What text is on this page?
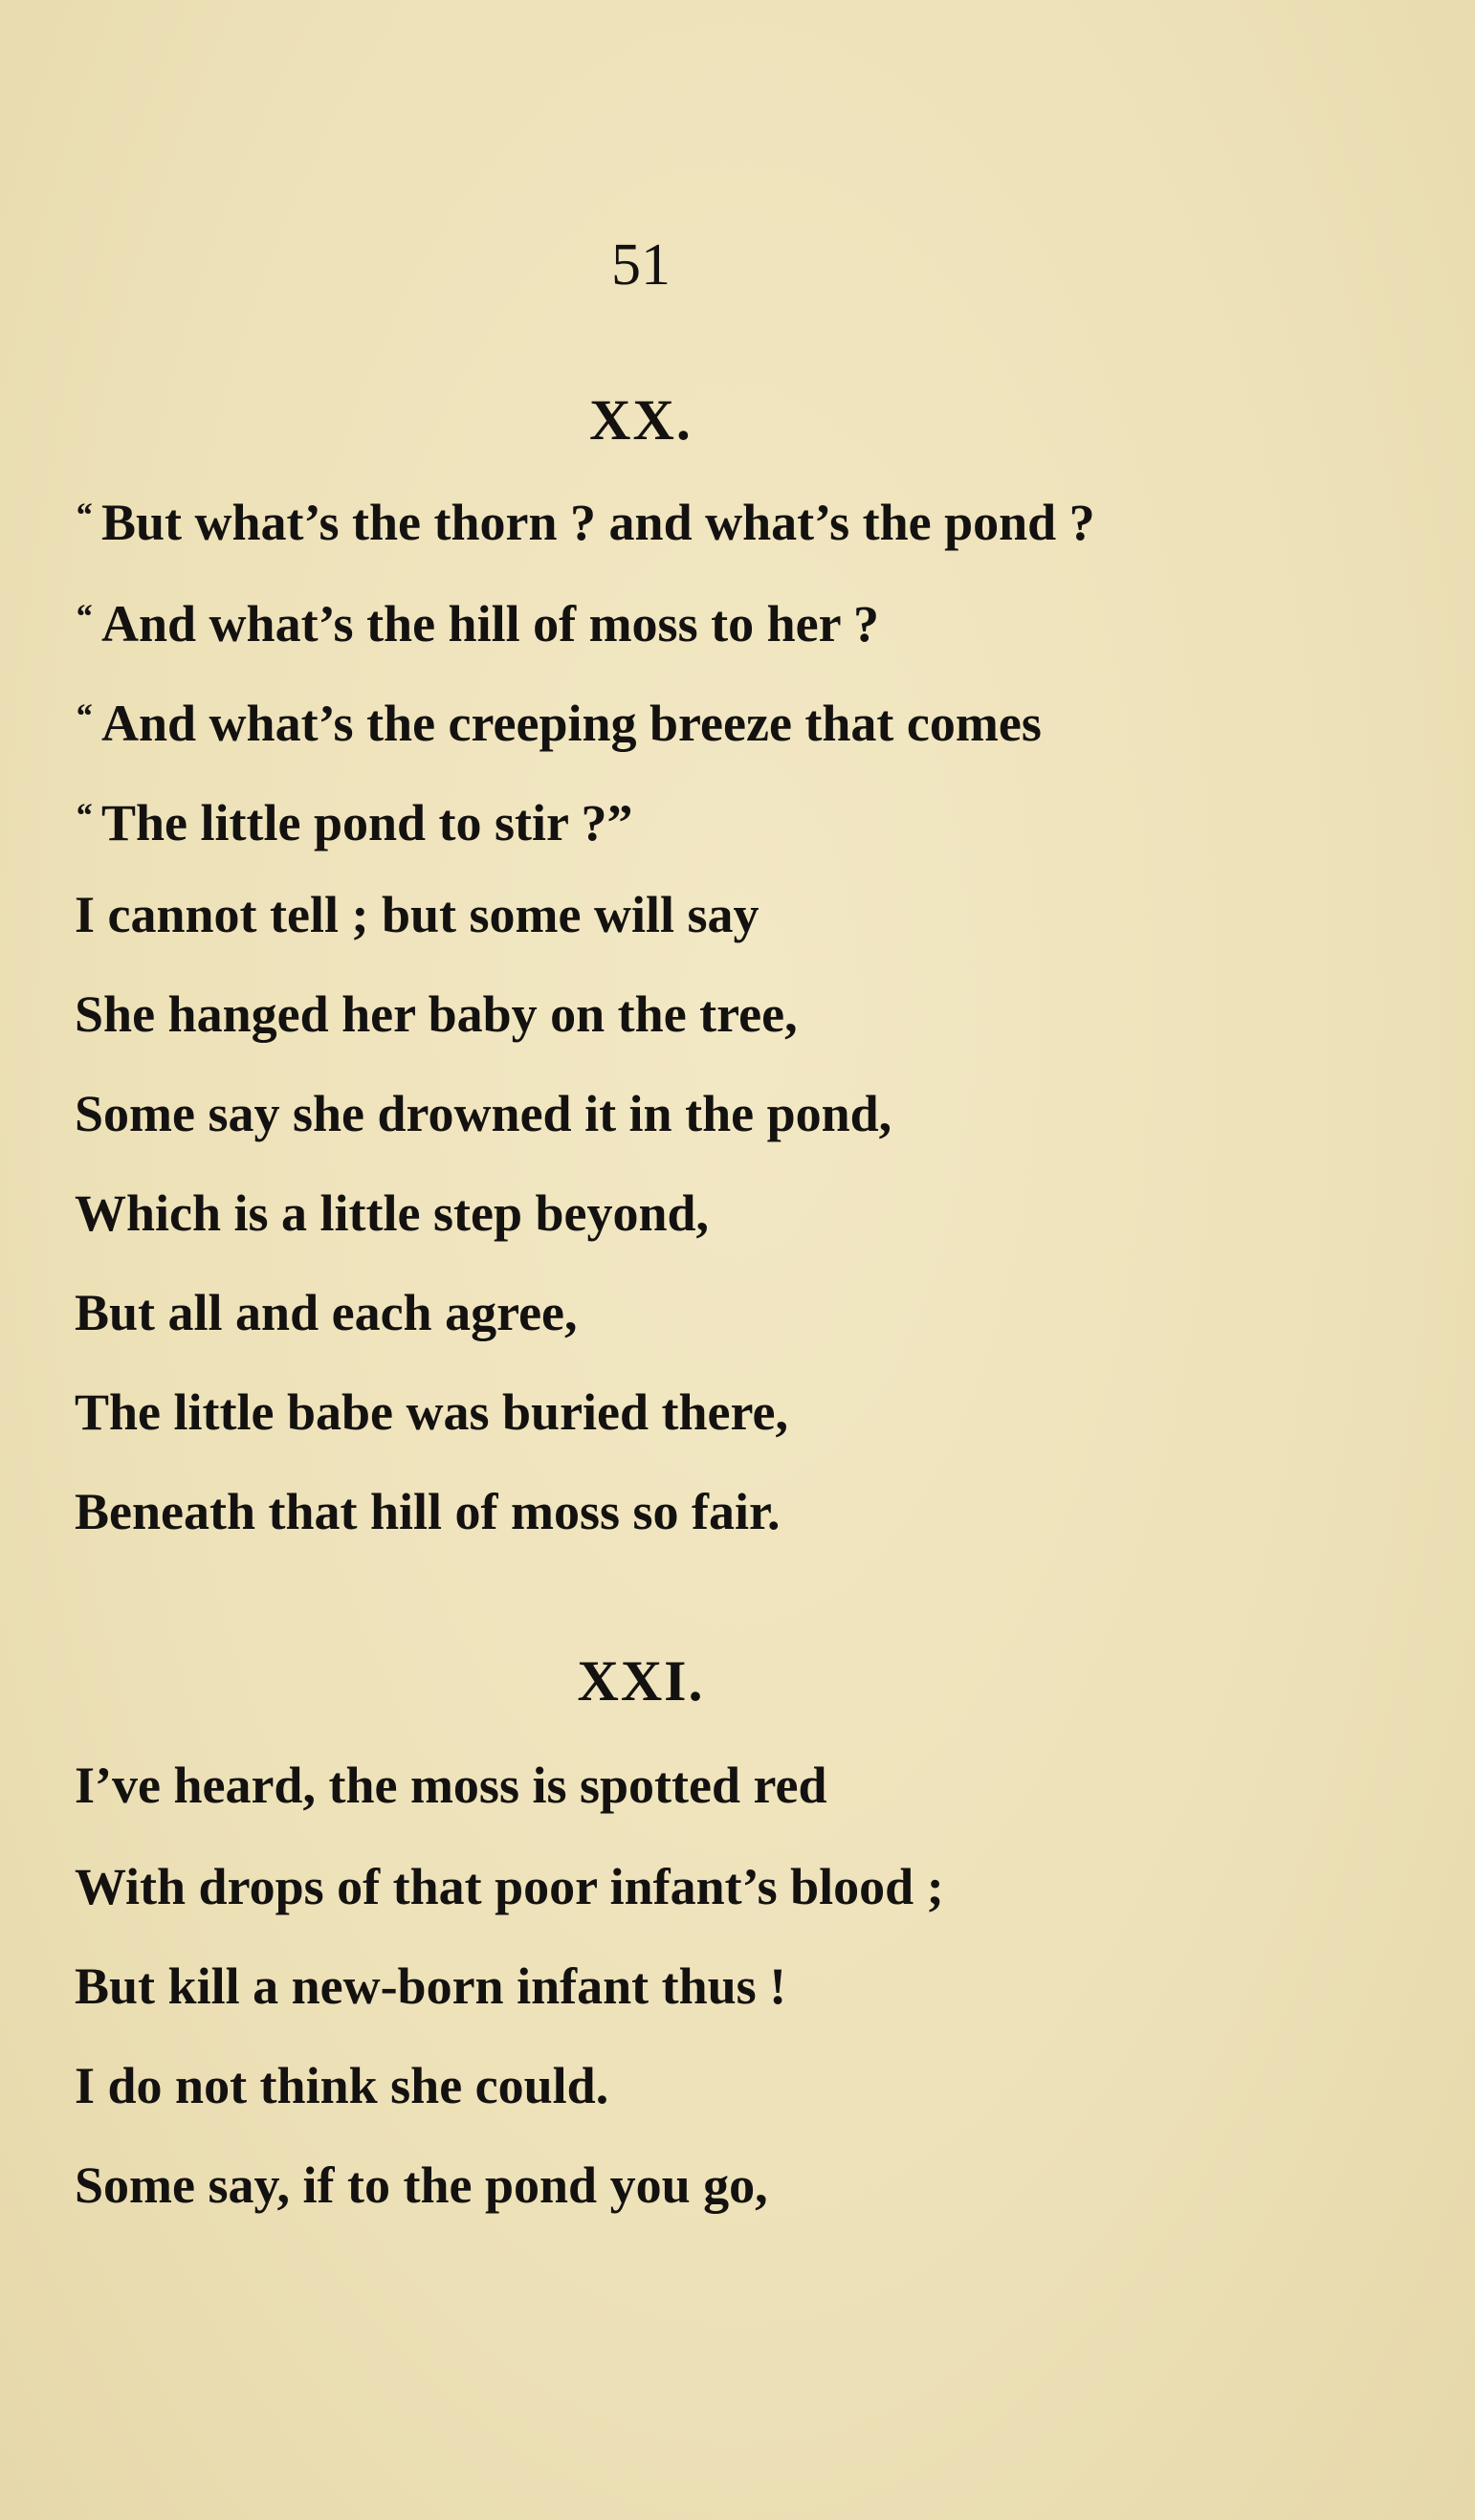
51
XX.
“ But what’s the thorn ? and what’s the pond ?
“ And what’s the hill of moss to her ?
“ And what’s the creeping breeze that comes
“ The little pond to stir ?”
I cannot tell ; but some will say
She hanged her baby on the tree,
Some say she drowned it in the pond,
Which is a little step beyond,
But all and each agree,
The little babe was buried there,
Beneath that hill of moss so fair.
XXI.
I’ve heard, the moss is spotted red
With drops of that poor infant’s blood ;
But kill a new-born infant thus !
I do not think she could.
Some say, if to the pond you go,
